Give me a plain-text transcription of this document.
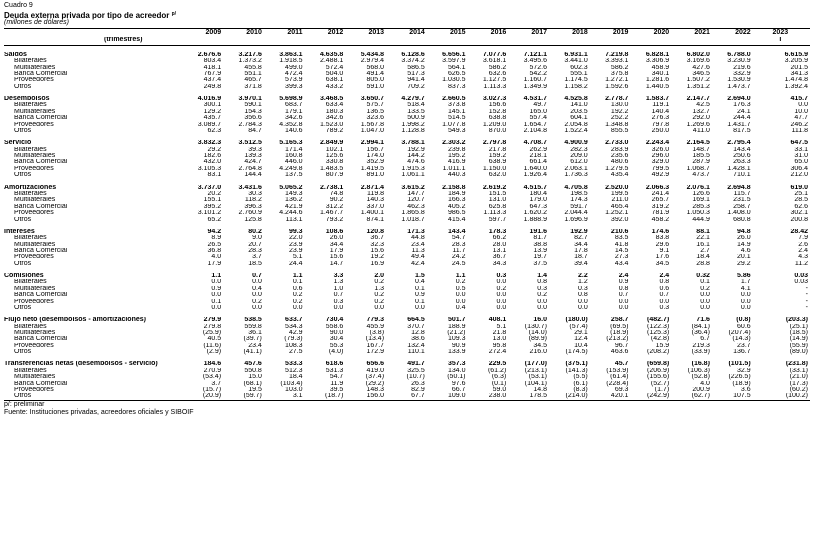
Cuadro 9
Deuda externa privada por tipo de acreedor $^{p/}$
(millones de dólares)
	2009	2010	2011	2012	2013	2014	2015	2016	2017	2018	2019	2020	2021	2022	2023
(trimestres)															I

Saldos	2.676.6	3.217.6	3.863.1	4.635.8	5.434.8	6.128.6	6.656.1	7.077.6	7.121.1	6.931.1	7.219.8	6.828.1	6.802.0	6.788.0	6.615.9
Bilaterales	803.4	1.373.2	1.918.5	2.488.1	2.979.4	3.374.2	3.597.9	3.618.1	3.495.6	3.441.0	3.393.1	3.306.9	3.169.6	3.230.9	3.205.9
Multilaterales	418.1	455.8	499.0	572.4	568.0	586.5	564.1	586.2	572.6	602.3	586.2	458.9	427.6	219.6	201.5
Banca Comercial	767.9	551.1	472.4	504.0	491.4	517.3	626.5	632.6	542.2	555.1	375.8	340.1	346.5	332.9	341.3
Proveedores	437.4	465.7	573.9	638.1	805.0	941.4	1.030.5	1.127.5	1.160.7	1.174.5	1.272.1	1.281.6	1.507.2	1.530.9	1.474.8
Otros	249.8	371.8	399.3	433.2	591.0	709.2	837.3	1.113.3	1.349.9	1.158.2	1.592.6	1.440.5	1.351.2	1.473.7	1.392.4

Desembolsos	4.016.9	3.970.1	5.698.9	3.468.5	3.650.7	4.279.7	2.660.5	3.027.3	4.531.7	4.525.8	2.778.7	1.583.7	2.147.7	2.694.0	415.7
Bilaterales	300.1	590.1	683.7	633.4	575.7	518.4	373.8	156.6	49.7	141.0	130.0	119.1	42.5	176.3	0.0
Multilaterales	129.2	154.3	179.1	180.3	136.5	133.5	145.1	152.8	165.0	203.5	192.2	140.4	132.7	24.1	10.0
Banca Comercial	435.7	356.6	342.6	342.6	323.6	500.9	514.5	638.8	557.4	604.1	252.2	276.3	292.0	244.4	47.7
Proveedores	3.089.7	2.784.3	4.352.8	1.523.0	1.567.8	1.998.2	1.077.8	1.209.0	1.654.7	2.054.8	1.348.8	797.8	1.269.6	1.431.7	246.2
Otros	62.3	84.7	140.6	789.2	1.047.0	1.128.8	549.3	870.0	2.104.8	1.522.4	855.5	250.0	411.0	817.5	111.8

Servicio	3.832.3	3.512.5	5.165.3	2.849.9	2.994.1	3.788.1	2.303.2	2.797.8	4.708.7	4.900.9	2.733.0	2.243.4	2.164.5	2.795.4	647.5
Bilaterales	29.2	39.3	171.4	102.1	156.7	192.9	239.8	217.8	262.9	282.3	283.9	326.0	148.7	143.4	33.1
Multilaterales	182.6	139.3	160.8	125.6	174.0	144.2	195.2	159.2	218.1	209.0	235.6	296.0	185.5	250.6	31.0
Banca Comercial	432.0	424.7	446.0	330.8	352.9	474.6	416.9	638.9	661.4	612.0	480.6	329.0	287.9	263.3	65.0
Proveedores	3.105.3	2.764.8	4.249.8	1.483.5	1.419.5	1.915.3	1.011.1	1.150.0	1.640.0	2.063.1	1.279.5	799.5	1.068.7	1.428.1	306.4
Otros	83.1	144.4	137.5	807.9	891.0	1.061.1	440.3	632.0	1.926.4	1.736.3	435.4	492.9	473.7	710.1	212.0

Amortizaciones	3.737.0	3.431.6	5.065.2	2.738.1	2.871.4	3.615.2	2.158.8	2.619.2	4.515.7	4.705.8	2.520.0	2.066.3	2.076.1	2.694.8	619.0
Bilaterales	20.2	30.3	149.3	74.8	119.8	147.7	184.9	151.5	180.4	198.5	199.5	241.4	126.6	115.7	25.1
Multilaterales	155.1	118.2	136.2	90.2	140.3	120.7	166.3	131.0	179.0	174.3	211.0	265.7	169.1	231.5	28.5
Banca Comercial	395.2	396.3	421.9	312.2	337.0	462.3	405.2	625.8	647.3	591.7	465.4	319.2	285.3	258.7	62.6
Proveedores	3.101.2	2.760.9	4.244.6	1.467.7	1.400.1	1.865.8	986.5	1.113.3	1.620.2	2.044.4	1.252.1	781.9	1.050.3	1.408.0	302.1
Otros	65.2	125.8	113.1	793.2	874.1	1.018.7	415.4	597.7	1.888.9	1.696.9	392.0	458.2	444.9	680.8	200.8

Intereses	94.2	80.2	99.3	108.6	120.8	171.3	143.4	178.3	191.6	192.9	210.6	174.6	88.1	94.8	28.42
Bilaterales	8.9	9.0	22.0	26.0	36.7	44.8	54.7	66.2	81.7	82.7	83.5	83.8	22.1	26.0	7.9
Multilaterales	26.5	20.7	23.9	34.4	32.3	23.4	28.3	28.0	38.8	34.4	41.8	29.6	16.1	14.9	2.6
Banca Comercial	36.8	28.3	23.9	17.9	15.6	11.3	11.7	13.1	13.9	17.8	14.5	9.1	2.7	4.6	2.4
Proveedores	4.0	3.7	5.1	15.6	19.2	49.4	24.2	36.7	19.7	18.7	27.3	17.6	18.4	20.1	4.3
Otros	17.9	18.5	24.4	14.7	16.9	42.4	24.5	34.3	37.5	39.4	43.4	34.5	28.8	29.2	11.2

Comisiones	1.1	0.7	1.1	3.3	2.0	1.5	1.1	0.3	1.4	2.2	2.4	2.4	0.32	5.86	0.03
Bilaterales	0.0	0.0	0.1	1.3	0.2	0.4	0.2	0.0	0.8	1.2	0.9	0.8	0.1	1.7	0.03
Multilaterales	0.9	0.4	0.6	1.0	1.3	0.1	0.5	0.2	0.3	0.3	0.8	0.6	0.2	4.1	-
Banca Comercial	0.0	0.0	0.2	0.7	0.2	0.9	0.0	0.0	0.2	0.8	0.7	0.7	0.0	0.0	-
Proveedores	0.1	0.2	0.2	0.3	0.2	0.1	0.0	0.0	0.0	0.0	0.0	0.0	0.0	0.0	-
Otros	0.0	0.0	0.0	0.0	0.0	0.0	0.4	0.0	0.0	0.0	0.0	0.3	0.0	0.0	-

Flujo neto (desembolsos - amortizaciones)	279.9	538.5	633.7	730.4	779.3	664.5	501.7	408.1	16.0	(180.0)	258.7	(482.7)	71.6	(0.8)	(203.3)
Bilaterales	279.8	559.8	534.3	558.6	455.9	370.7	188.9	5.1	(130.7)	(57.4)	(69.5)	(122.3)	(84.1)	60.6	(25.1)
Multilaterales	(25.9)	36.1	42.9	90.0	(3.8)	12.8	(21.2)	21.8	(14.0)	29.1	(18.9)	(125.3)	(36.4)	(207.4)	(18.5)
Banca Comercial	40.5	(39.7)	(79.3)	30.4	(13.4)	38.6	109.3	13.0	(89.9)	12.4	(213.2)	(42.8)	6.7	(14.3)	(14.9)
Proveedores	(11.6)	23.4	108.3	55.3	167.7	132.4	90.9	95.8	34.5	10.4	96.7	15.9	219.3	23.7	(55.9)
Otros	(2.9)	(41.1)	27.5	(4.0)	172.9	110.1	133.9	272.4	216.0	(174.5)	463.6	(208.2)	(33.9)	136.7	(89.0)

Transferencias netas (desembolsos - servicio)	184.6	457.6	533.3	618.6	656.6	491.7	357.3	229.5	(177.0)	(375.1)	45.7	(659.8)	(16.8)	(101.5)	(231.8)
Bilaterales	270.9	550.8	512.3	531.3	419.0	325.5	134.0	(61.2)	(213.1)	(141.3)	(153.9)	(206.9)	(106.3)	32.9	(33.1)
Multilaterales	(53.4)	15.0	18.4	54.7	(37.4)	(10.7)	(50.1)	(6.3)	(53.1)	(5.5)	(61.4)	(155.6)	(52.8)	(226.5)	(21.0)
Banca Comercial	3.7	(68.1)	(103.4)	11.9	(29.2)	26.3	97.6	(0.1)	(104.1)	(6.1)	(228.4)	(52.7)	4.0	(18.9)	(17.3)
Proveedores	(15.7)	19.5	103.0	39.5	148.3	82.9	66.7	59.0	14.8	(8.3)	69.3	(1.7)	200.9	3.6	(60.2)
Otros	(20.9)	(59.7)	3.1	(18.7)	156.0	67.7	109.0	238.0	178.5	(214.0)	420.1	(242.9)	(62.7)	107.5	(100.2)
p/: preliminar
Fuente: Instituciones privadas, acreedores oficiales y SIBOIF
